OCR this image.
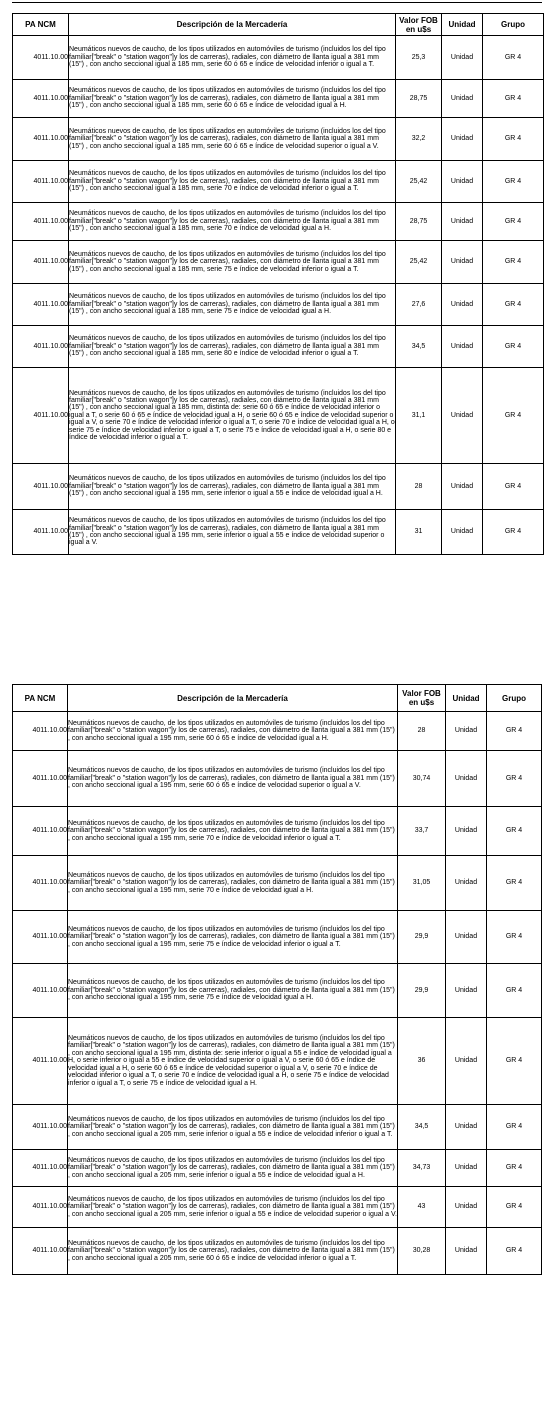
PA NCM	Descripción de la Mercadería	Valor FOB en u$s	Unidad	Grupo
4011.10.00	Neumáticos nuevos de caucho, de los tipos utilizados en automóviles de turismo (incluidos los del tipo familiar["break" o "station wagon"]y los de carreras), radiales, con diámetro de llanta igual a 381 mm (15") , con ancho seccional igual a 185 mm, serie 60 ó 65 e índice de velocidad inferior o igual a T.	25,3	Unidad	GR 4
4011.10.00	Neumáticos nuevos de caucho, de los tipos utilizados en automóviles de turismo (incluidos los del tipo familiar["break" o "station wagon"]y los de carreras), radiales, con diámetro de llanta igual a 381 mm (15") , con ancho seccional igual a 185 mm, serie 60 ó 65 e índice de velocidad igual a H.	28,75	Unidad	GR 4
4011.10.00	Neumáticos nuevos de caucho, de los tipos utilizados en automóviles de turismo (incluidos los del tipo familiar["break" o "station wagon"]y los de carreras), radiales, con diámetro de llanta igual a 381 mm (15") , con ancho seccional igual a 185 mm, serie 60 ó 65 e índice de velocidad superior o igual a V.	32,2	Unidad	GR 4
4011.10.00	Neumáticos nuevos de caucho, de los tipos utilizados en automóviles de turismo (incluidos los del tipo familiar["break" o "station wagon"]y los de carreras), radiales, con diámetro de llanta igual a 381 mm (15") , con ancho seccional igual a 185 mm, serie 70 e índice de velocidad inferior o igual a T.	25,42	Unidad	GR 4
4011.10.00	Neumáticos nuevos de caucho, de los tipos utilizados en automóviles de turismo (incluidos los del tipo familiar["break" o "station wagon"]y los de carreras), radiales, con diámetro de llanta igual a 381 mm (15") , con ancho seccional igual a 185 mm, serie 70 e índice de velocidad igual a H.	28,75	Unidad	GR 4
4011.10.00	Neumáticos nuevos de caucho, de los tipos utilizados en automóviles de turismo (incluidos los del tipo familiar["break" o "station wagon"]y los de carreras), radiales, con diámetro de llanta igual a 381 mm (15") , con ancho seccional igual a 185 mm, serie 75 e índice de velocidad inferior o igual a T.	25,42	Unidad	GR 4
4011.10.00	Neumáticos nuevos de caucho, de los tipos utilizados en automóviles de turismo (incluidos los del tipo familiar["break" o "station wagon"]y los de carreras), radiales, con diámetro de llanta igual a 381 mm (15") , con ancho seccional igual a 185 mm, serie 75 e índice de velocidad igual a H.	27,6	Unidad	GR 4
4011.10.00	Neumáticos nuevos de caucho, de los tipos utilizados en automóviles de turismo (incluidos los del tipo familiar["break" o "station wagon"]y los de carreras), radiales, con diámetro de llanta igual a 381 mm (15") , con ancho seccional igual a 185 mm, serie 80 e índice de velocidad inferior o igual a T.	34,5	Unidad	GR 4
4011.10.00	Neumáticos nuevos de caucho, de los tipos utilizados en automóviles de turismo (incluidos los del tipo familiar["break" o "station wagon"]y los de carreras), radiales, con diámetro de llanta igual a 381 mm (15") , con ancho seccional igual a 185 mm, distinta de: serie 60 ó 65 e índice de velocidad inferior o igual a T, o serie 60 ó 65 e índice de velocidad igual a H, o serie 60 ó 65 e índice de velocidad superior o igual a V, o serie 70 e índice de velocidad inferior o igual a T, o serie 70 e índice de velocidad igual a H, o serie 75 e índice de velocidad inferior o igual a T, o serie 75 e índice de velocidad igual a H, o serie 80 e índice de velocidad inferior o igual a T.	31,1	Unidad	GR 4
4011.10.00	Neumáticos nuevos de caucho, de los tipos utilizados en automóviles de turismo (incluidos los del tipo familiar["break" o "station wagon"]y los de carreras), radiales, con diámetro de llanta igual a 381 mm (15") , con ancho seccional igual a 195 mm, serie inferior o igual a 55 e índice de velocidad igual a H.	28	Unidad	GR 4
4011.10.00	Neumáticos nuevos de caucho, de los tipos utilizados en automóviles de turismo (incluidos los del tipo familiar["break" o "station wagon"]y los de carreras), radiales, con diámetro de llanta igual a 381 mm (15") , con ancho seccional igual a 195 mm, serie inferior o igual a 55 e índice de velocidad superior o igual a V.	31	Unidad	GR 4
PA NCM	Descripción de la Mercadería	Valor FOB en u$s	Unidad	Grupo
4011.10.00	Neumáticos nuevos de caucho, de los tipos utilizados en automóviles de turismo (incluidos los del tipo familiar["break" o "station wagon"]y los de carreras), radiales, con diámetro de llanta igual a 381 mm (15") , con ancho seccional igual a 195 mm, serie 60 ó 65 e índice de velocidad igual a H.	28	Unidad	GR 4
4011.10.00	Neumáticos nuevos de caucho, de los tipos utilizados en automóviles de turismo (incluidos los del tipo familiar["break" o "station wagon"]y los de carreras), radiales, con diámetro de llanta igual a 381 mm (15") , con ancho seccional igual a 195 mm, serie 60 ó 65 e índice de velocidad superior o igual a V.	30,74	Unidad	GR 4
4011.10.00	Neumáticos nuevos de caucho, de los tipos utilizados en automóviles de turismo (incluidos los del tipo familiar["break" o "station wagon"]y los de carreras), radiales, con diámetro de llanta igual a 381 mm (15") , con ancho seccional igual a 195 mm, serie 70 e índice de velocidad inferior o igual a T.	33,7	Unidad	GR 4
4011.10.00	Neumáticos nuevos de caucho, de los tipos utilizados en automóviles de turismo (incluidos los del tipo familiar["break" o "station wagon"]y los de carreras), radiales, con diámetro de llanta igual a 381 mm (15") , con ancho seccional igual a 195 mm, serie 70 e índice de velocidad igual a H.	31,05	Unidad	GR 4
4011.10.00	Neumáticos nuevos de caucho, de los tipos utilizados en automóviles de turismo (incluidos los del tipo familiar["break" o "station wagon"]y los de carreras), radiales, con diámetro de llanta igual a 381 mm (15") , con ancho seccional igual a 195 mm, serie 75 e índice de velocidad inferior o igual a T.	29,9	Unidad	GR 4
4011.10.00	Neumáticos nuevos de caucho, de los tipos utilizados en automóviles de turismo (incluidos los del tipo familiar["break" o "station wagon"]y los de carreras), radiales, con diámetro de llanta igual a 381 mm (15") , con ancho seccional igual a 195 mm, serie 75 e índice de velocidad igual a H.	29,9	Unidad	GR 4
4011.10.00	Neumáticos nuevos de caucho, de los tipos utilizados en automóviles de turismo (incluidos los del tipo familiar["break" o "station wagon"]y los de carreras), radiales, con diámetro de llanta igual a 381 mm (15") , con ancho seccional igual a 195 mm, distinta de: serie inferior o igual a 55 e índice de velocidad igual a H, o serie inferior o igual a 55 e índice de velocidad superior o igual a V, o serie 60 ó 65 e índice de velocidad igual a H, o serie 60 ó 65 e índice de velocidad superior o igual a V, o serie 70 e índice de velocidad inferior o igual a T, o serie 70 e índice de velocidad igual a H, o serie 75 e índice de velocidad inferior o igual a T, o serie 75 e índice de velocidad igual a H.	36	Unidad	GR 4
4011.10.00	Neumáticos nuevos de caucho, de los tipos utilizados en automóviles de turismo (incluidos los del tipo familiar["break" o "station wagon"]y los de carreras), radiales, con diámetro de llanta igual a 381 mm (15") , con ancho seccional igual a 205 mm, serie inferior o igual a 55 e índice de velocidad inferior o igual a T.	34,5	Unidad	GR 4
4011.10.00	Neumáticos nuevos de caucho, de los tipos utilizados en automóviles de turismo (incluidos los del tipo familiar["break" o "station wagon"]y los de carreras), radiales, con diámetro de llanta igual a 381 mm (15") , con ancho seccional igual a 205 mm, serie inferior o igual a 55 e índice de velocidad igual a H.	34,73	Unidad	GR 4
4011.10.00	Neumáticos nuevos de caucho, de los tipos utilizados en automóviles de turismo (incluidos los del tipo familiar["break" o "station wagon"]y los de carreras), radiales, con diámetro de llanta igual a 381 mm (15") , con ancho seccional igual a 205 mm, serie inferior o igual a 55 e índice de velocidad superior o igual a V.	43	Unidad	GR 4
4011.10.00	Neumáticos nuevos de caucho, de los tipos utilizados en automóviles de turismo (incluidos los del tipo familiar["break" o "station wagon"]y los de carreras), radiales, con diámetro de llanta igual a 381 mm (15") , con ancho seccional igual a 205 mm, serie 60 ó 65 e índice de velocidad inferior o igual a T.	30,28	Unidad	GR 4
